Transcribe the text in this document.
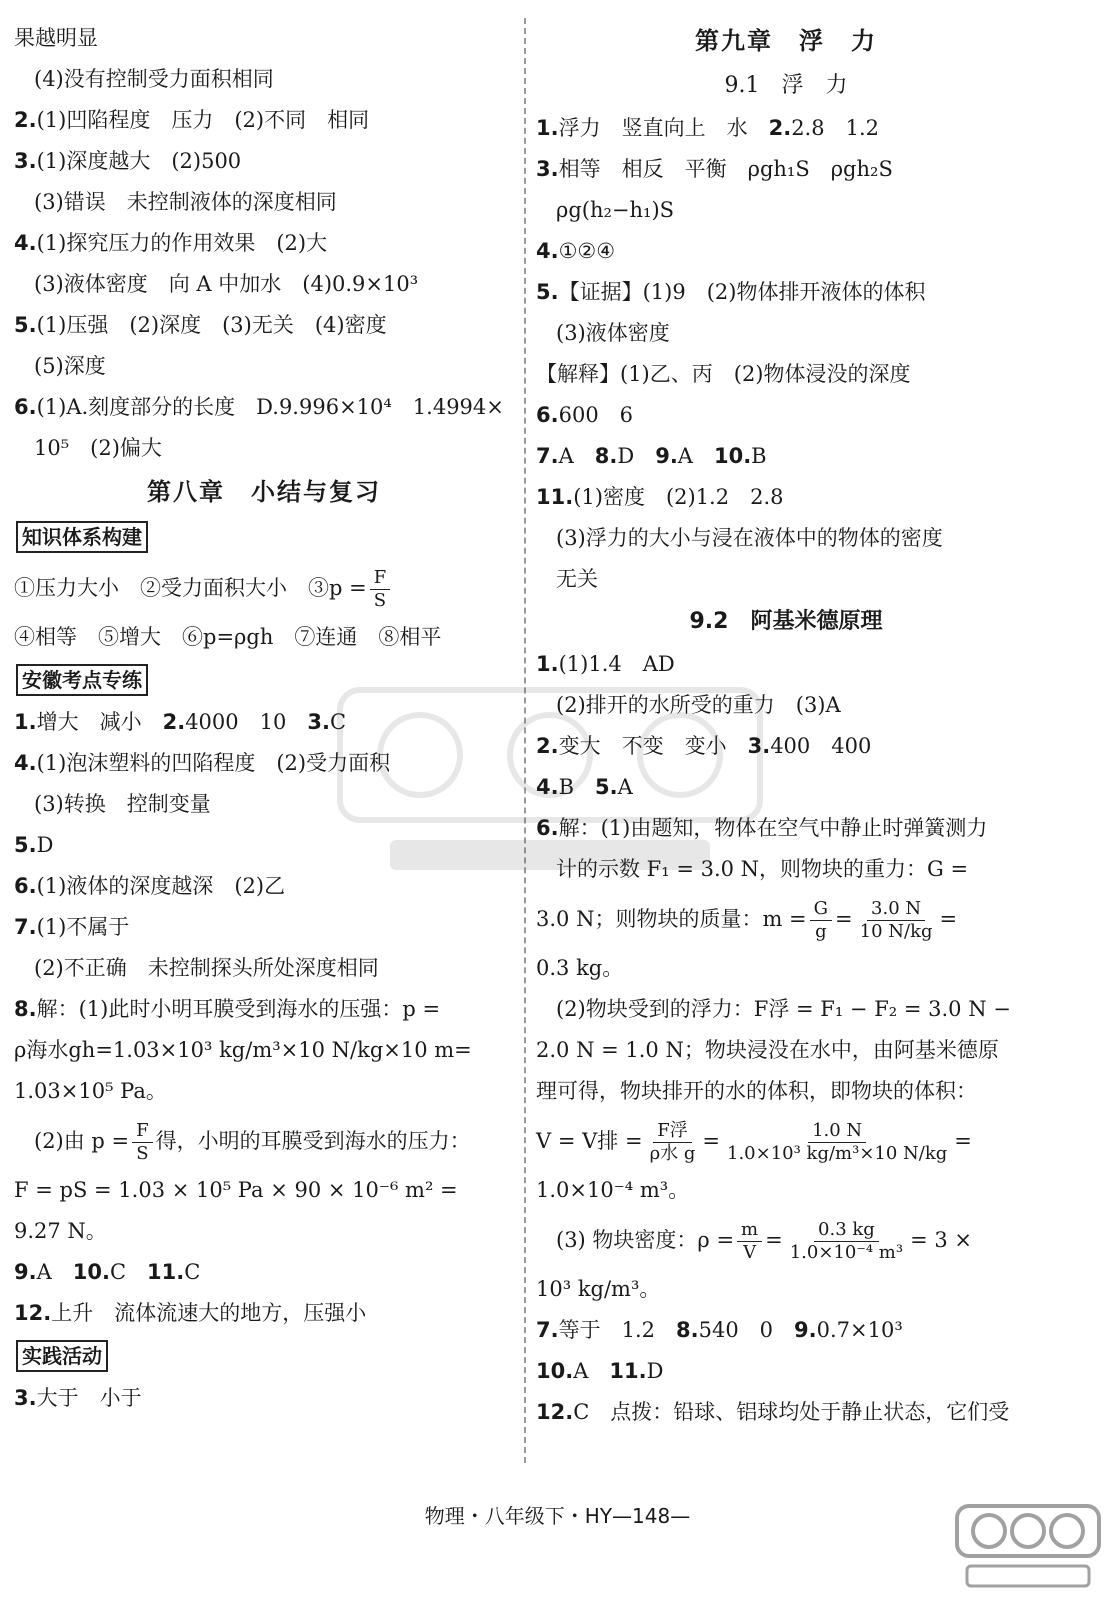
果越明显
(4)没有控制受力面积相同
2.(1)凹陷程度　压力　(2)不同　相同
3.(1)深度越大　(2)500
(3)错误　未控制液体的深度相同
4.(1)探究压力的作用效果　(2)大
(3)液体密度　向 A 中加水　(4)0.9×10³
5.(1)压强　(2)深度　(3)无关　(4)密度
(5)深度
6.(1)A.刻度部分的长度　D.9.996×10⁴　1.4994×
10⁵　(2)偏大
第八章　小结与复习
知识体系构建
①压力大小　②受力面积大小　③p = $\frac{F}{S}$
④相等　⑤增大　⑥p=ρgh　⑦连通　⑧相平
安徽考点专练
1.增大　减小　2.4000　10　3.C
4.(1)泡沫塑料的凹陷程度　(2)受力面积
(3)转换　控制变量
5.D
6.(1)液体的深度越深　(2)乙
7.(1)不属于
(2)不正确　未控制探头所处深度相同
8.解：(1)此时小明耳膜受到海水的压强：p =
ρ海水gh=1.03×10³ kg/m³×10 N/kg×10 m=
1.03×10⁵ Pa。
(2)由 $p = \frac{F}{S}$ 得，小明的耳膜受到海水的压力：
F = pS = 1.03 × 10⁵ Pa × 90 × 10⁻⁶ m² =
9.27 N。
9.A　10.C　11.C
12.上升　流体流速大的地方，压强小
实践活动
3.大于　小于
第九章　浮　力
9.1　浮　力
1.浮力　竖直向上　水　2.2.8　1.2
3.相等　相反　平衡　ρgh₁S　ρgh₂S
ρg(h₂−h₁)S
4.①②④
5.【证据】(1)9　(2)物体排开液体的体积
(3)液体密度
【解释】(1)乙、丙　(2)物体浸没的深度
6.600　6
7.A　8.D　9.A　10.B
11.(1)密度　(2)1.2　2.8
(3)浮力的大小与浸在液体中的物体的密度
无关
9.2　阿基米德原理
1.(1)1.4　AD
(2)排开的水所受的重力　(3)A
2.变大　不变　变小　3.400　400
4.B　5.A
6.解：(1)由题知，物体在空气中静止时弹簧测力
计的示数 F₁ = 3.0 N，则物块的重力：G =
3.0 N；则物块的质量：$m = \frac{G}{g} = \frac{3.0 N}{10 N/kg}$ =
0.3 kg。
(2)物块受到的浮力：F浮 = F₁ − F₂ = 3.0 N −
2.0 N = 1.0 N；物块浸没在水中，由阿基米德原
理可得，物块排开的水的体积，即物块的体积：
V = V排 = $\frac{\text{F浮}}{\text{ρ水 g}} = \frac{1.0 N}{\text{1.0×10³ kg/m³×10 N/kg}}$ =
1.0×10⁻⁴ m³。
(3) 物块密度：$\rho = \frac{m}{V} = \frac{0.3 kg}{\text{1.0×10⁻⁴ m³}} = 3$ ×
10³ kg/m³。
7.等于　1.2　8.540　0　9.0.7×10³
10.A　11.D
12.C　点拨：铅球、铝球均处于静止状态，它们受
物理・八年级下・HY—148—
